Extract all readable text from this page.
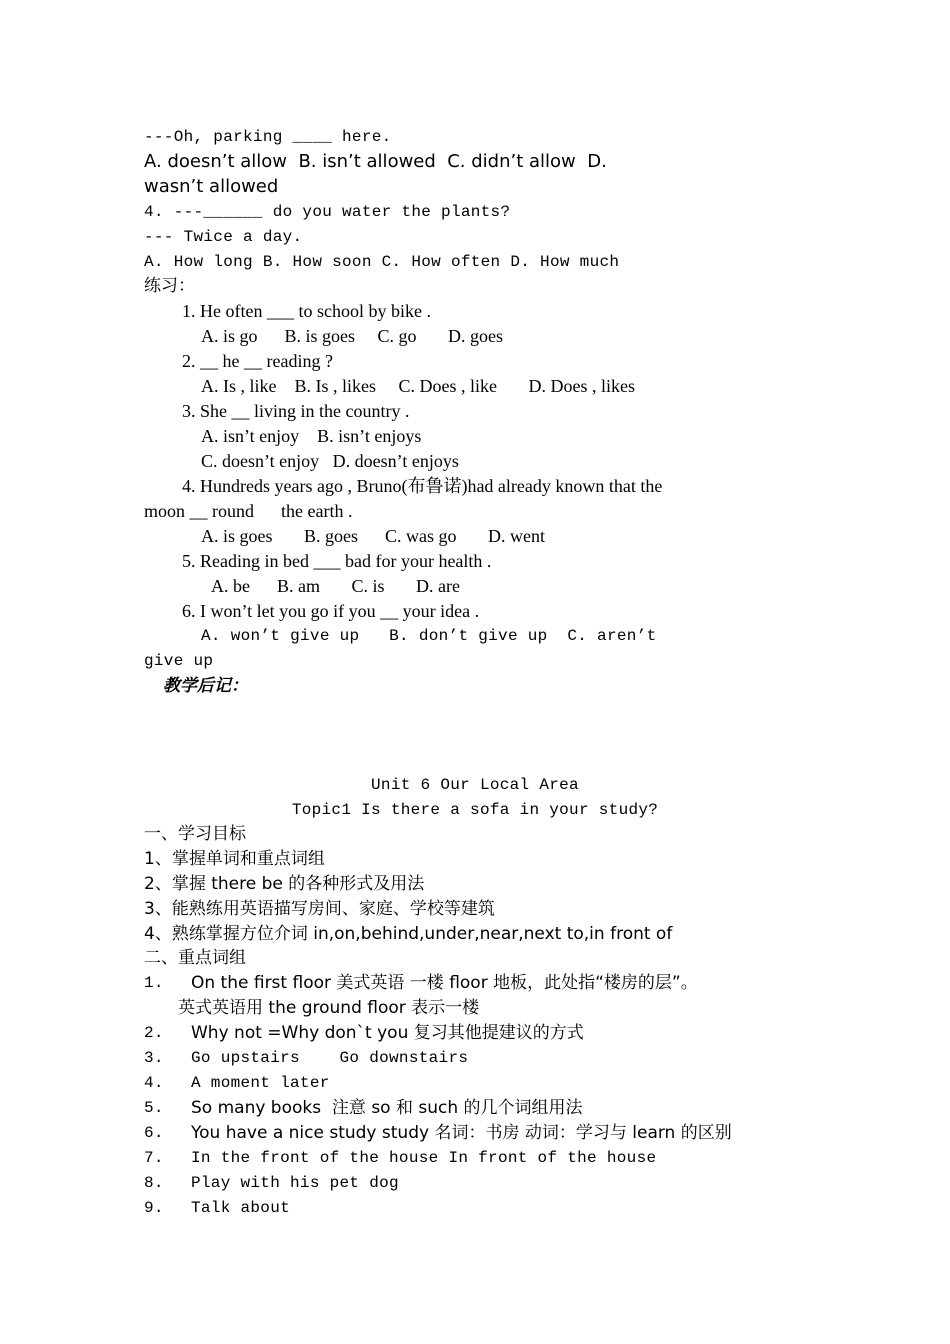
---Oh, parking ____ here.
A. doesn’t allow  B. isn’t allowed  C. didn’t allow  D.
wasn’t allowed
4. ---______ do you water the plants?
--- Twice a day.
A. How long B. How soon C. How often D. How much
练习：
1. He often ___ to school by bike .
A. is go      B. is goes     C. go       D. goes
2. __ he __ reading ?
A. Is , like    B. Is , likes     C. Does , like       D. Does , likes
3. She __ living in the country .
A. isn’t enjoy    B. isn’t enjoys
C. doesn’t enjoy   D. doesn’t enjoys
4. Hundreds years ago , Bruno(布鲁诺)had already known that the
moon __ round      the earth .
A. is goes       B. goes      C. was go       D. went
5. Reading in bed ___ bad for your health .
A. be      B. am       C. is       D. are
6. I won’t let you go if you __ your idea .
A. won’t give up   B. don’t give up  C. aren’t
give up
教学后记：
Unit 6 Our Local Area
Topic1 Is there a sofa in your study?
一、学习目标
1、掌握单词和重点词组
2、掌握 there be 的各种形式及用法
3、能熟练用英语描写房间、家庭、学校等建筑
4、熟练掌握方位介词 in,on,behind,under,near,next to,in front of
二、重点词组
1. On the first floor 美式英语 一楼 floor 地板，此处指“楼房的层”。
英式英语用 the ground floor 表示一楼
2. Why not =Why don`t you 复习其他提建议的方式
3. Go upstairs    Go downstairs
4. A moment later
5. So many books  注意 so 和 such 的几个词组用法
6. You have a nice study study 名词：书房 动词：学习与 learn 的区别
7. In the front of the house In front of the house
8. Play with his pet dog
9. Talk about
